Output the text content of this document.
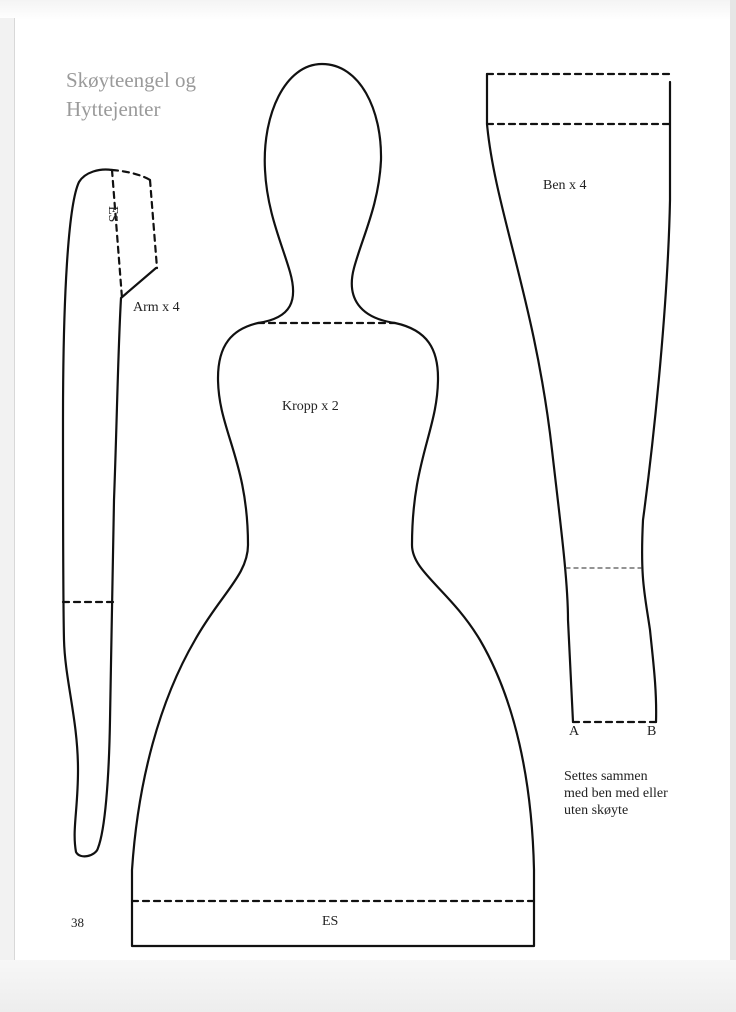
Skøyteengel og
Hyttejenter
ES
Arm x 4
Kropp x 2
ES
Ben x 4
A	B
Settes sammen
med ben med eller
uten skøyte
38
